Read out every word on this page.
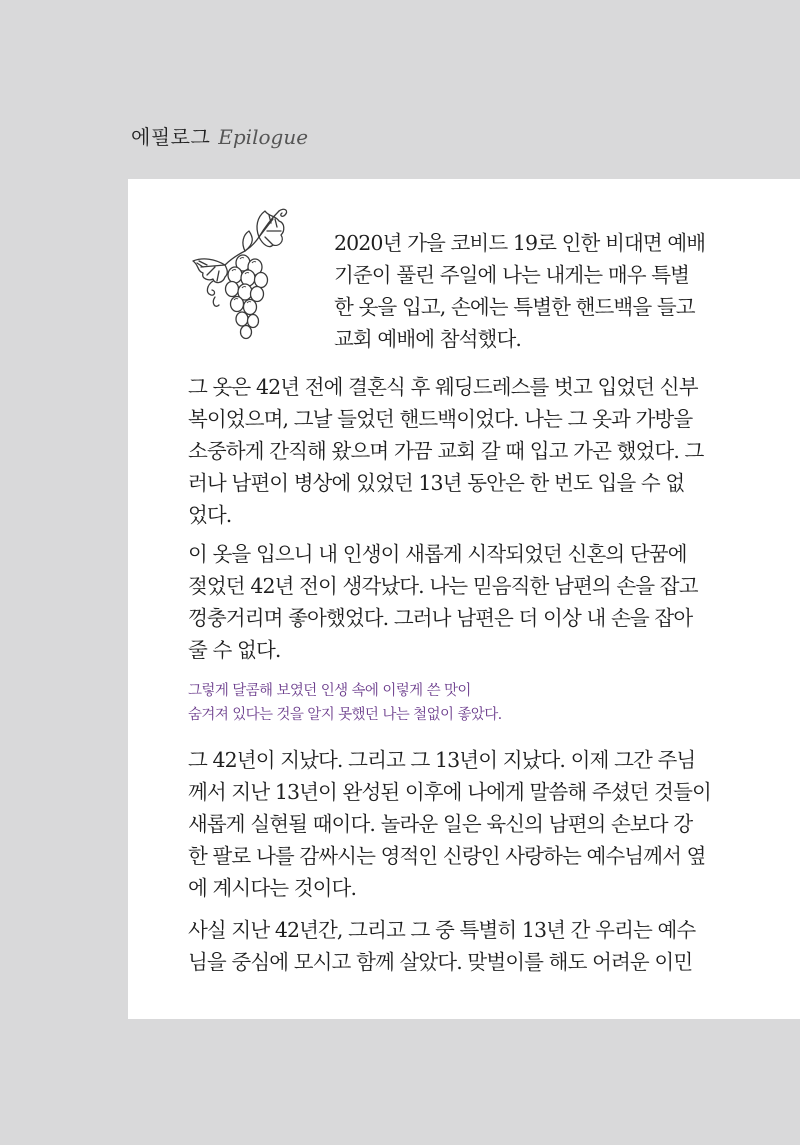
에필로그 Epilogue

2020년 가을 코비드 19로 인한 비대면 예배
기준이 풀린 주일에 나는 내게는 매우 특별
한 옷을 입고, 손에는 특별한 핸드백을 들고
교회 예배에 참석했다.

그 옷은 42년 전에 결혼식 후 웨딩드레스를 벗고 입었던 신부
복이었으며, 그날 들었던 핸드백이었다. 나는 그 옷과 가방을
소중하게 간직해 왔으며 가끔 교회 갈 때 입고 가곤 했었다. 그
러나 남편이 병상에 있었던 13년 동안은 한 번도 입을 수 없
었다.

이 옷을 입으니 내 인생이 새롭게 시작되었던 신혼의 단꿈에
젖었던 42년 전이 생각났다. 나는 믿음직한 남편의 손을 잡고
껑충거리며 좋아했었다. 그러나 남편은 더 이상 내 손을 잡아
줄 수 없다.

그렇게 달콤해 보였던 인생 속에 이렇게 쓴 맛이
숨겨져 있다는 것을 알지 못했던 나는 철없이 좋았다.

그 42년이 지났다. 그리고 그 13년이 지났다. 이제 그간 주님
께서 지난 13년이 완성된 이후에 나에게 말씀해 주셨던 것들이
새롭게 실현될 때이다. 놀라운 일은 육신의 남편의 손보다 강
한 팔로 나를 감싸시는 영적인 신랑인 사랑하는 예수님께서 옆
에 계시다는 것이다.

사실 지난 42년간, 그리고 그 중 특별히 13년 간 우리는 예수
님을 중심에 모시고 함께 살았다. 맞벌이를 해도 어려운 이민
